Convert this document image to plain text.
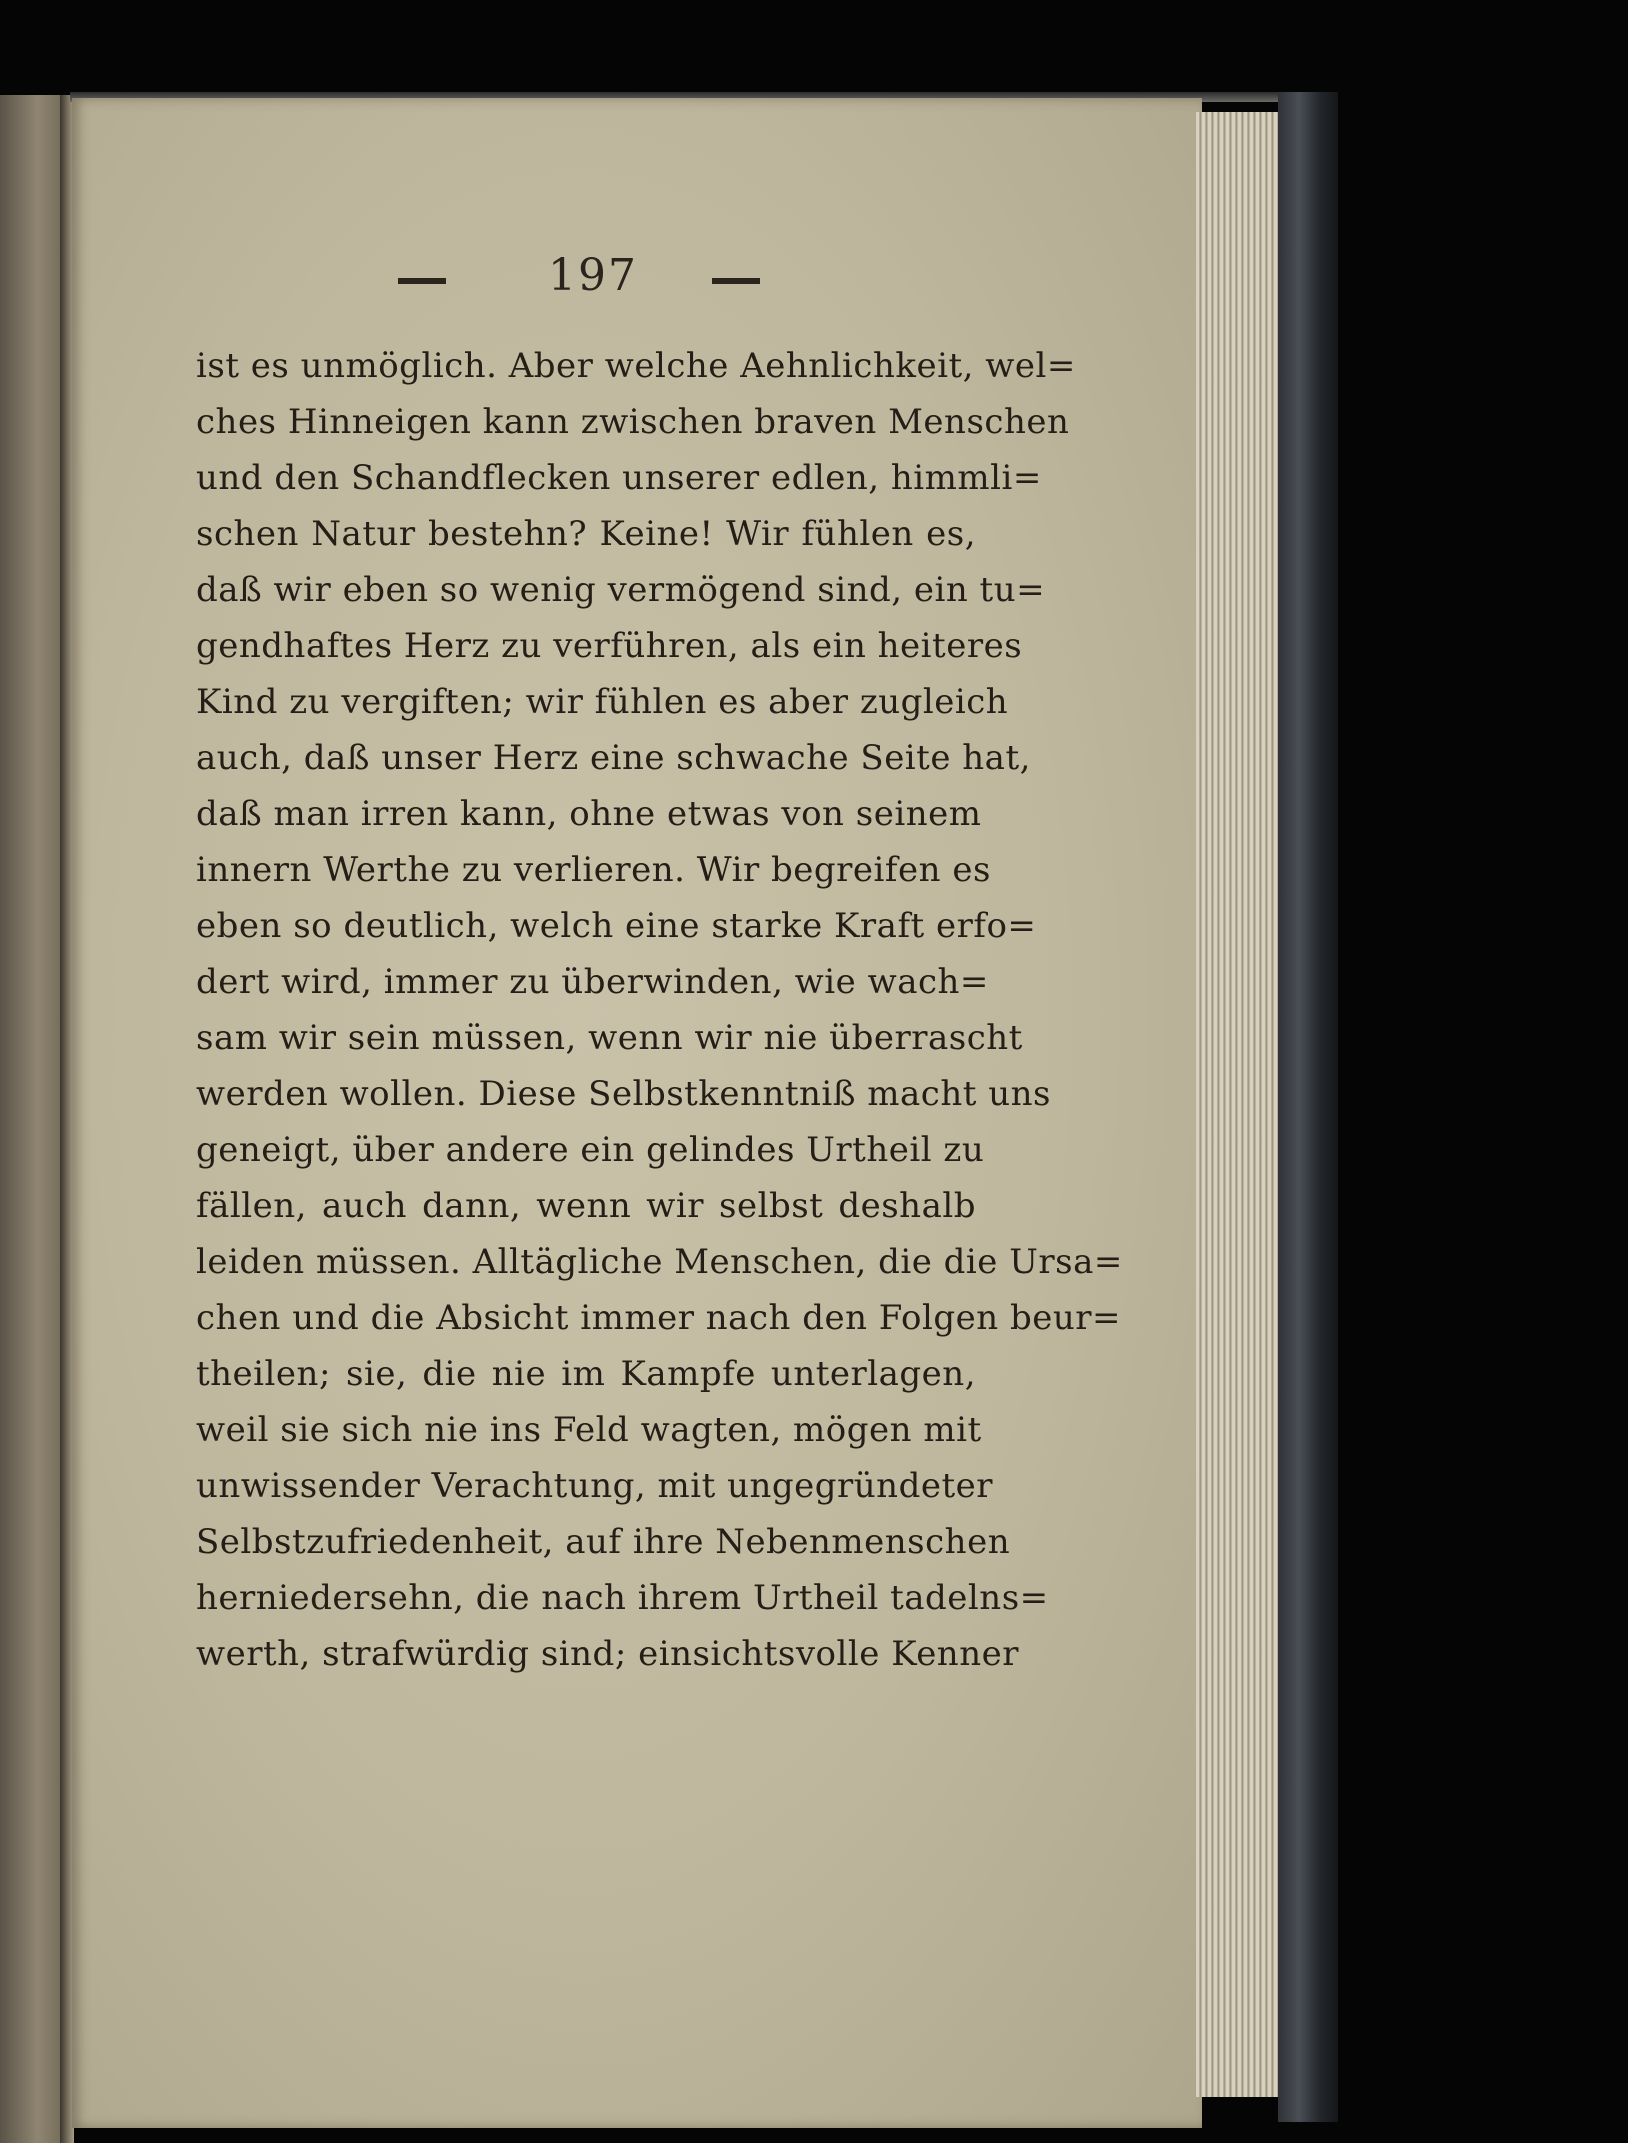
197
ist es unmöglich. Aber welche Aehnlichkeit, wel=
ches Hinneigen kann zwischen braven Menschen
und den Schandflecken unserer edlen, himmli=
schen Natur bestehn? Keine! Wir fühlen es,
daß wir eben so wenig vermögend sind, ein tu=
gendhaftes Herz zu verführen, als ein heiteres
Kind zu vergiften; wir fühlen es aber zugleich
auch, daß unser Herz eine schwache Seite hat,
daß man irren kann, ohne etwas von seinem
innern Werthe zu verlieren. Wir begreifen es
eben so deutlich, welch eine starke Kraft erfo=
dert wird, immer zu überwinden, wie wach=
sam wir sein müssen, wenn wir nie überrascht
werden wollen. Diese Selbstkenntniß macht uns
geneigt, über andere ein gelindes Urtheil zu
fällen, auch dann, wenn wir selbst deshalb
leiden müssen. Alltägliche Menschen, die die Ursa=
chen und die Absicht immer nach den Folgen beur=
theilen; sie, die nie im Kampfe unterlagen,
weil sie sich nie ins Feld wagten, mögen mit
unwissender Verachtung, mit ungegründeter
Selbstzufriedenheit, auf ihre Nebenmenschen
herniedersehn, die nach ihrem Urtheil tadelns=
werth, strafwürdig sind; einsichtsvolle Kenner
